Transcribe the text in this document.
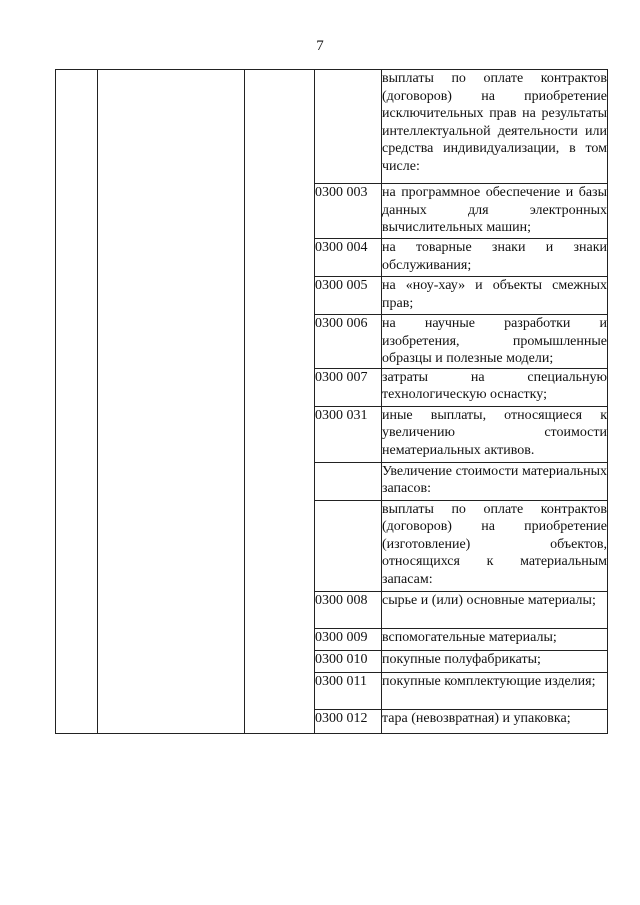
7
				выплаты по оплате контрактов (договоров) на приобретение исключительных прав на результаты интеллектуальной деятельности или средства индивидуализации, в том числе:
			0300 003	на программное обеспечение и базы данных для электронных вычислительных машин;
			0300 004	на товарные знаки и знаки обслуживания;
			0300 005	на «ноу-хау» и объекты смежных прав;
			0300 006	на научные разработки и изобретения, промышленные образцы и полезные модели;
			0300 007	затраты на специальную технологическую оснастку;
			0300 031	иные выплаты, относящиеся к увеличению стоимости нематериальных активов.
				Увеличение стоимости материальных запасов:
				выплаты по оплате контрактов (договоров) на приобретение (изготовление) объектов, относящихся к материальным запасам:
			0300 008	сырье и (или) основные материалы;
			0300 009	вспомогательные материалы;
			0300 010	покупные полуфабрикаты;
			0300 011	покупные комплектующие изделия;
			0300 012	тара (невозвратная) и упаковка;
